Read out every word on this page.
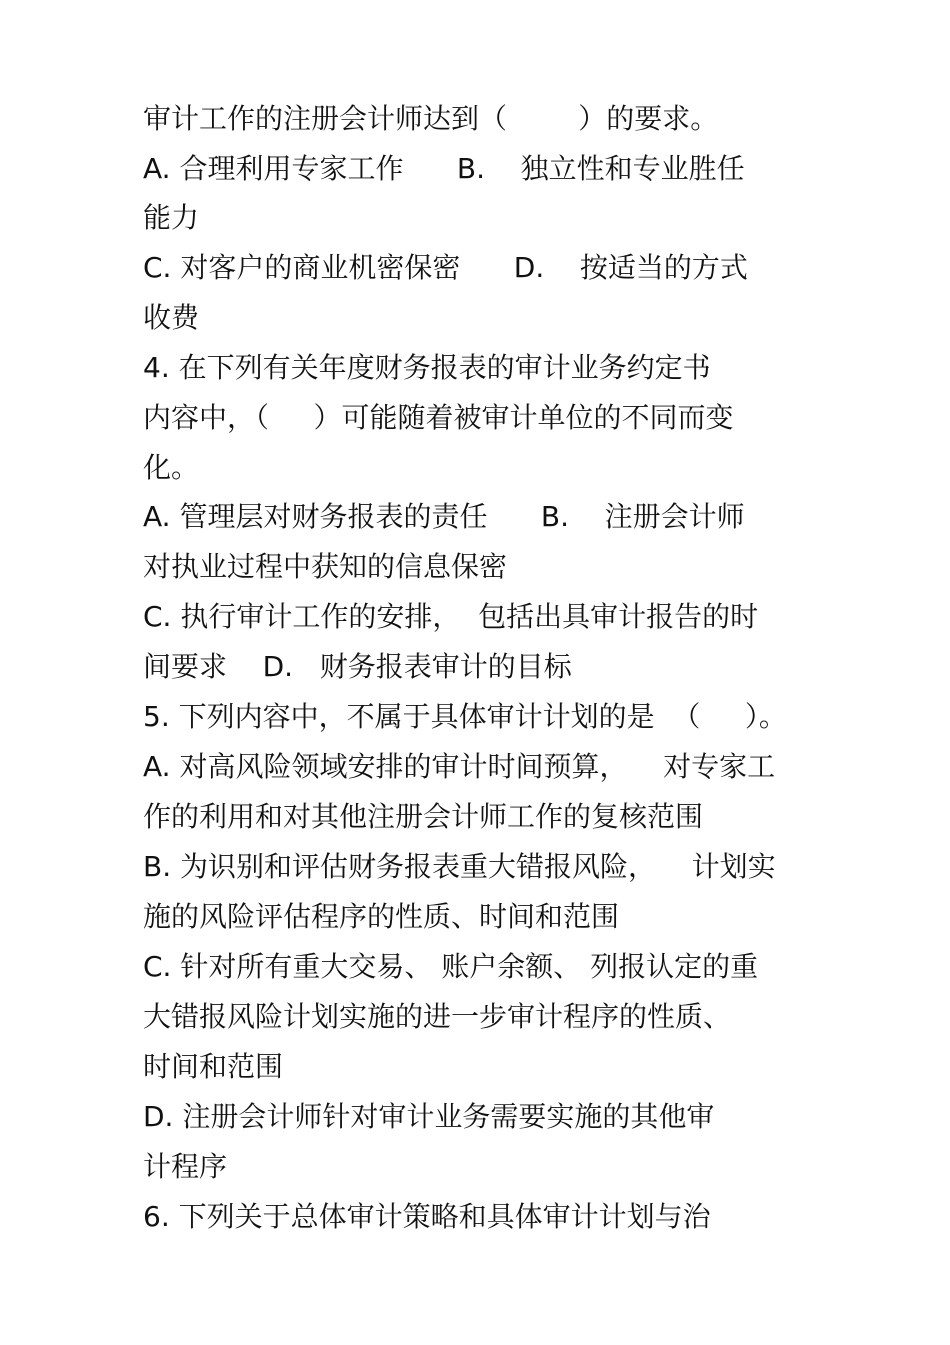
审计工作的注册会计师达到（        ）的要求。
A. 合理利用专家工作      B.    独立性和专业胜任
能力
C. 对客户的商业机密保密      D.    按适当的方式
收费
4. 在下列有关年度财务报表的审计业务约定书
内容中，（     ）可能随着被审计单位的不同而变
化。
A. 管理层对财务报表的责任      B.    注册会计师
对执业过程中获知的信息保密
C. 执行审计工作的安排，  包括出具审计报告的时
间要求    D.   财务报表审计的目标
5. 下列内容中，不属于具体审计计划的是  （     ）。
A. 对高风险领域安排的审计时间预算，    对专家工
作的利用和对其他注册会计师工作的复核范围
B. 为识别和评估财务报表重大错报风险，    计划实
施的风险评估程序的性质、时间和范围
C. 针对所有重大交易、 账户余额、 列报认定的重
大错报风险计划实施的进一步审计程序的性质、
时间和范围
D. 注册会计师针对审计业务需要实施的其他审
计程序
6. 下列关于总体审计策略和具体审计计划与治
